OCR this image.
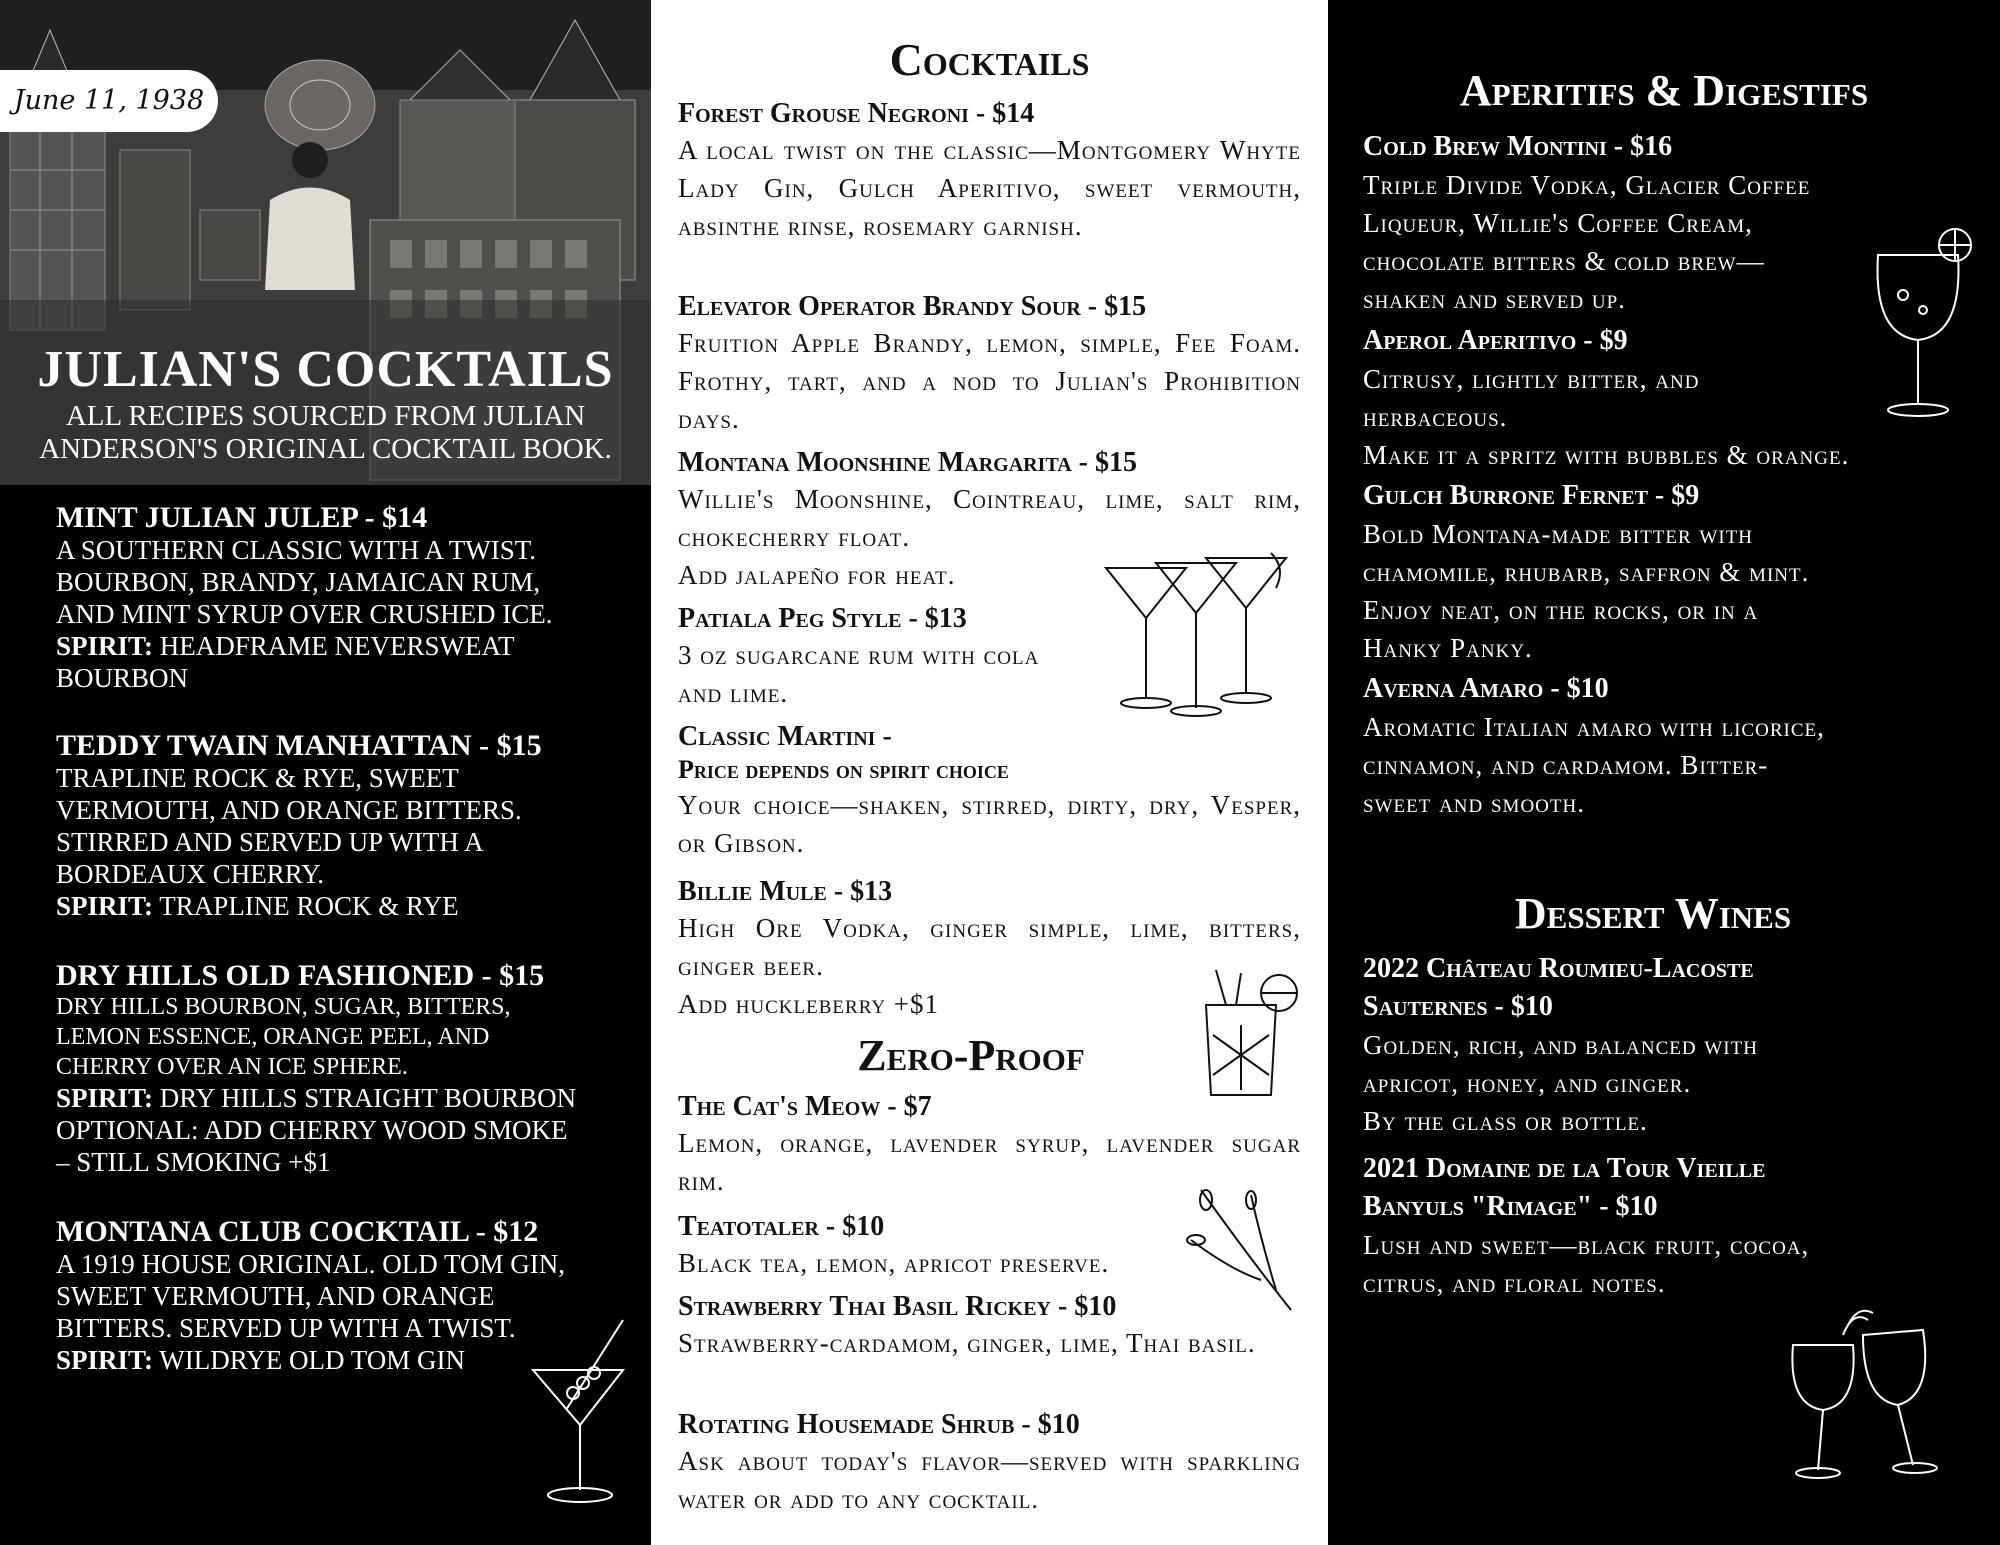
June 11, 1938
JULIAN'S COCKTAILS

ALL RECIPES SOURCED FROM JULIAN

ANDERSON'S ORIGINAL COCKTAIL BOOK.

MINT JULIAN JULEP - $14
A SOUTHERN CLASSIC WITH A TWIST.
BOURBON, BRANDY, JAMAICAN RUM,
AND MINT SYRUP OVER CRUSHED ICE.
SPIRIT: HEADFRAME NEVERSWEAT
BOURBON
TEDDY TWAIN MANHATTAN - $15
TRAPLINE ROCK & RYE, SWEET
VERMOUTH, AND ORANGE BITTERS.
STIRRED AND SERVED UP WITH A
BORDEAUX CHERRY.
SPIRIT: TRAPLINE ROCK & RYE
DRY HILLS OLD FASHIONED - $15
DRY HILLS BOURBON, SUGAR, BITTERS,
LEMON ESSENCE, ORANGE PEEL, AND
CHERRY OVER AN ICE SPHERE.
SPIRIT: DRY HILLS STRAIGHT BOURBON
OPTIONAL: ADD CHERRY WOOD SMOKE
– STILL SMOKING +$1
MONTANA CLUB COCKTAIL - $12
A 1919 HOUSE ORIGINAL. OLD TOM GIN,
SWEET VERMOUTH, AND ORANGE
BITTERS. SERVED UP WITH A TWIST.
SPIRIT: WILDRYE OLD TOM GIN
Cocktails
Forest Grouse Negroni - $14
A local twist on the classic—Montgomery Whyte Lady Gin, Gulch Aperitivo, sweet vermouth, absinthe rinse, rosemary garnish.
Elevator Operator Brandy Sour - $15
Fruition Apple Brandy, lemon, simple, Fee Foam. Frothy, tart, and a nod to Julian's Prohibition days.
Montana Moonshine Margarita - $15
Willie's Moonshine, Cointreau, lime, salt rim, chokecherry float.
Add jalapeño for heat.
Patiala Peg Style - $13
3 oz sugarcane rum with cola
and lime.
Classic Martini -
Price depends on spirit choice
Your choice—shaken, stirred, dirty, dry, Vesper, or Gibson.
Billie Mule - $13
High Ore Vodka, ginger simple, lime, bitters, ginger beer.
Add huckleberry +$1
Zero-Proof
The Cat's Meow - $7
Lemon, orange, lavender syrup, lavender sugar rim.
Teatotaler - $10
Black tea, lemon, apricot preserve.
Strawberry Thai Basil Rickey - $10
Strawberry-cardamom, ginger, lime, Thai basil.
Rotating Housemade Shrub - $10
Ask about today's flavor—served with sparkling water or add to any cocktail.
Aperitifs & Digestifs
Cold Brew Montini - $16
Triple Divide Vodka, Glacier Coffee
Liqueur, Willie's Coffee Cream,
chocolate bitters & cold brew—
shaken and served up.
Aperol Aperitivo - $9
Citrusy, lightly bitter, and
herbaceous.
Make it a spritz with bubbles & orange.
Gulch Burrone Fernet - $9
Bold Montana-made bitter with
chamomile, rhubarb, saffron & mint.
Enjoy neat, on the rocks, or in a
Hanky Panky.
Averna Amaro - $10
Aromatic Italian amaro with licorice,
cinnamon, and cardamom. Bitter-
sweet and smooth.
Dessert Wines
2022 Château Roumieu-Lacoste
Sauternes - $10
Golden, rich, and balanced with
apricot, honey, and ginger.
By the glass or bottle.
2021 Domaine de la Tour Vieille
Banyuls "Rimage" - $10
Lush and sweet—black fruit, cocoa,
citrus, and floral notes.
